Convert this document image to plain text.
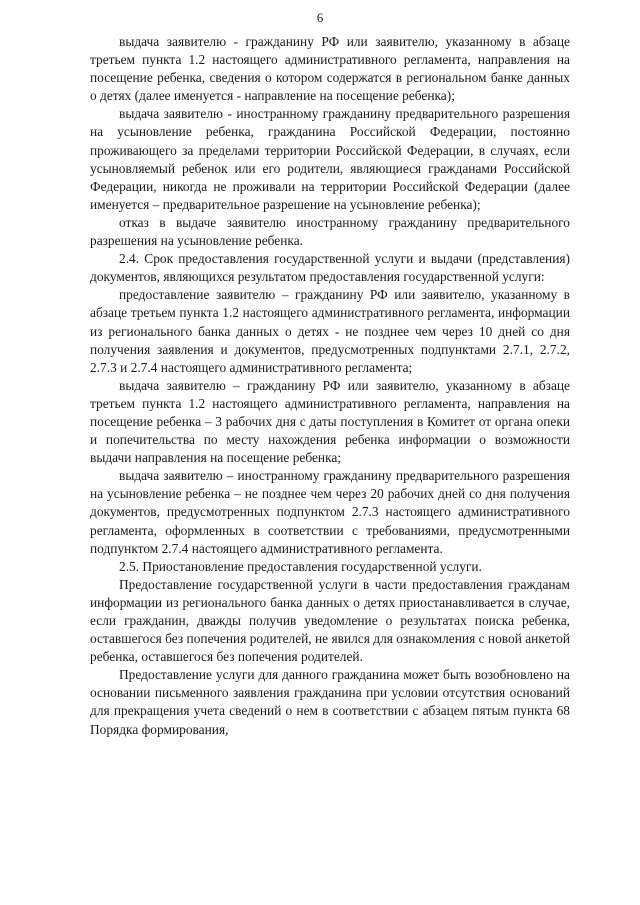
6

выдача заявителю - гражданину РФ или заявителю, указанному в абзаце третьем пункта 1.2 настоящего административного регламента, направления на посещение ребенка, сведения о котором содержатся в региональном банке данных о детях (далее именуется - направление на посещение ребенка);

выдача заявителю - иностранному гражданину предварительного разрешения на усыновление ребенка, гражданина Российской Федерации, постоянно проживающего за пределами территории Российской Федерации, в случаях, если усыновляемый ребенок или его родители, являющиеся гражданами Российской Федерации, никогда не проживали на территории Российской Федерации (далее именуется – предварительное разрешение на усыновление ребенка);

отказ в выдаче заявителю иностранному гражданину предварительного разрешения на усыновление ребенка.

2.4. Срок предоставления государственной услуги и выдачи (представления) документов, являющихся результатом предоставления государственной услуги:

предоставление заявителю – гражданину РФ или заявителю, указанному в абзаце третьем пункта 1.2 настоящего административного регламента, информации из регионального банка данных о детях - не позднее чем через 10 дней со дня получения заявления и документов, предусмотренных подпунктами 2.7.1, 2.7.2, 2.7.3 и 2.7.4 настоящего административного регламента;

выдача заявителю – гражданину РФ или заявителю, указанному в абзаце третьем пункта 1.2 настоящего административного регламента, направления на посещение ребенка – 3 рабочих дня с даты поступления в Комитет от органа опеки и попечительства по месту нахождения ребенка информации о возможности выдачи направления на посещение ребенка;

выдача заявителю – иностранному гражданину предварительного разрешения на усыновление ребенка – не позднее чем через 20 рабочих дней со дня получения документов, предусмотренных подпунктом 2.7.3 настоящего административного регламента, оформленных в соответствии с требованиями, предусмотренными подпунктом 2.7.4 настоящего административного регламента.

2.5. Приостановление предоставления государственной услуги.

Предоставление государственной услуги в части предоставления гражданам информации из регионального банка данных о детях приостанавливается в случае, если гражданин, дважды получив уведомление о результатах поиска ребенка, оставшегося без попечения родителей, не явился для ознакомления с новой анкетой ребенка, оставшегося без попечения родителей.

Предоставление услуги для данного гражданина может быть возобновлено на основании письменного заявления гражданина при условии отсутствия оснований для прекращения учета сведений о нем в соответствии с абзацем пятым пункта 68 Порядка формирования,
